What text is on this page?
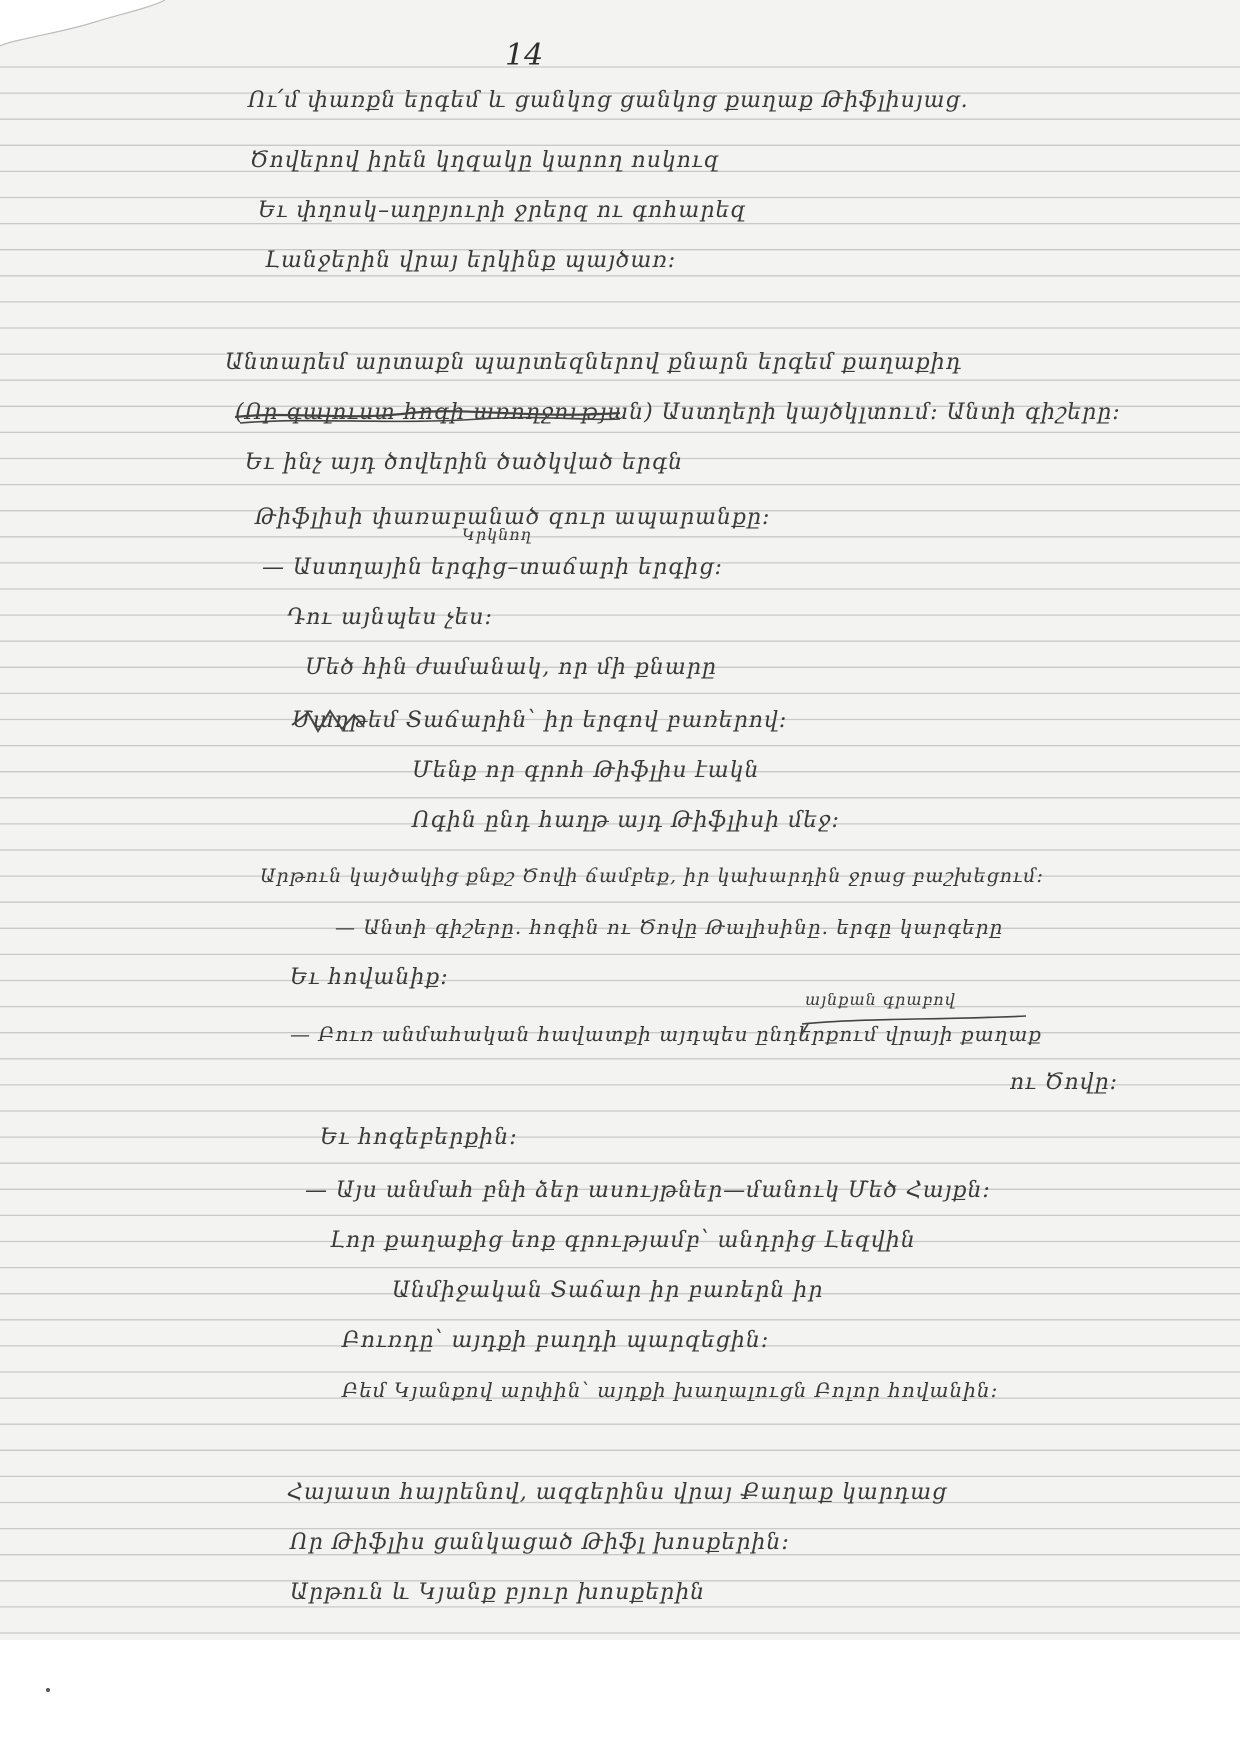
14
Ու՛մ փառքն երգեմ և ցանկոց ցանկոց քաղաք Թիֆլիսյաց.
Ծովերով իրեն կղզակը կարող ոսկուզ
Եւ փղոսկ–աղբյուրի ջրերզ ու գոհարեզ
Լանջերին վրայ երկինք պայծառ։
Անտարեմ արտաքն պարտեզներով քնարն երգեմ քաղաքիդ
(Որ գալուստ հոգի առողջության) Աստղերի կայծկլտում։ Անտի գիշերը։
Եւ ինչ այդ ծովերին ծածկված երգն
Թիֆլիսի փառաբանած զուր ապարանքը։
Կրկնող
— Աստղային երգից–տաճարի երգից։
Դու այնպես չես։
Մեծ հին ժամանակ, որ մի քնարը
Մաղթեմ Տաճարին՝ իր երգով բառերով։
Մենք որ գրոհ Թիֆլիս էակն
Ոգին ընդ հաղթ այդ Թիֆլիսի մեջ։
Արթուն կայծակից քնքշ Ծովի ճամբեք, իր կախարդին ջրաց բաշխեցում։
— Անտի գիշերը. հոգին ու Ծովը Թալիսինը. երգը կարգերը
Եւ հովանիք։
այնքան գրաբով
— Բուռ անմահական հավատքի այդպես ընդերքում վրայի քաղաք
ու Ծովը։
Եւ հոգեբերքին։
— Այս անմահ բնի ձեր ասույթներ—մանուկ Մեծ Հայքն։
Լոր քաղաքից եոք գրությամբ՝ անդրից Լեզվին
Անմիջական Տաճար իր բառերն իր
Բուռդը՝ այդքի բաղդի պարզեցին։
Բեմ Կյանքով արփին՝ այդքի խաղալուցն Բոլոր հովանին։
Հայաստ հայրենով, ազգերինս վրայ Քաղաք կարդաց
Որ Թիֆլիս ցանկացած Թիֆլ խոսքերին։
Արթուն և Կյանք բյուր խոսքերին
